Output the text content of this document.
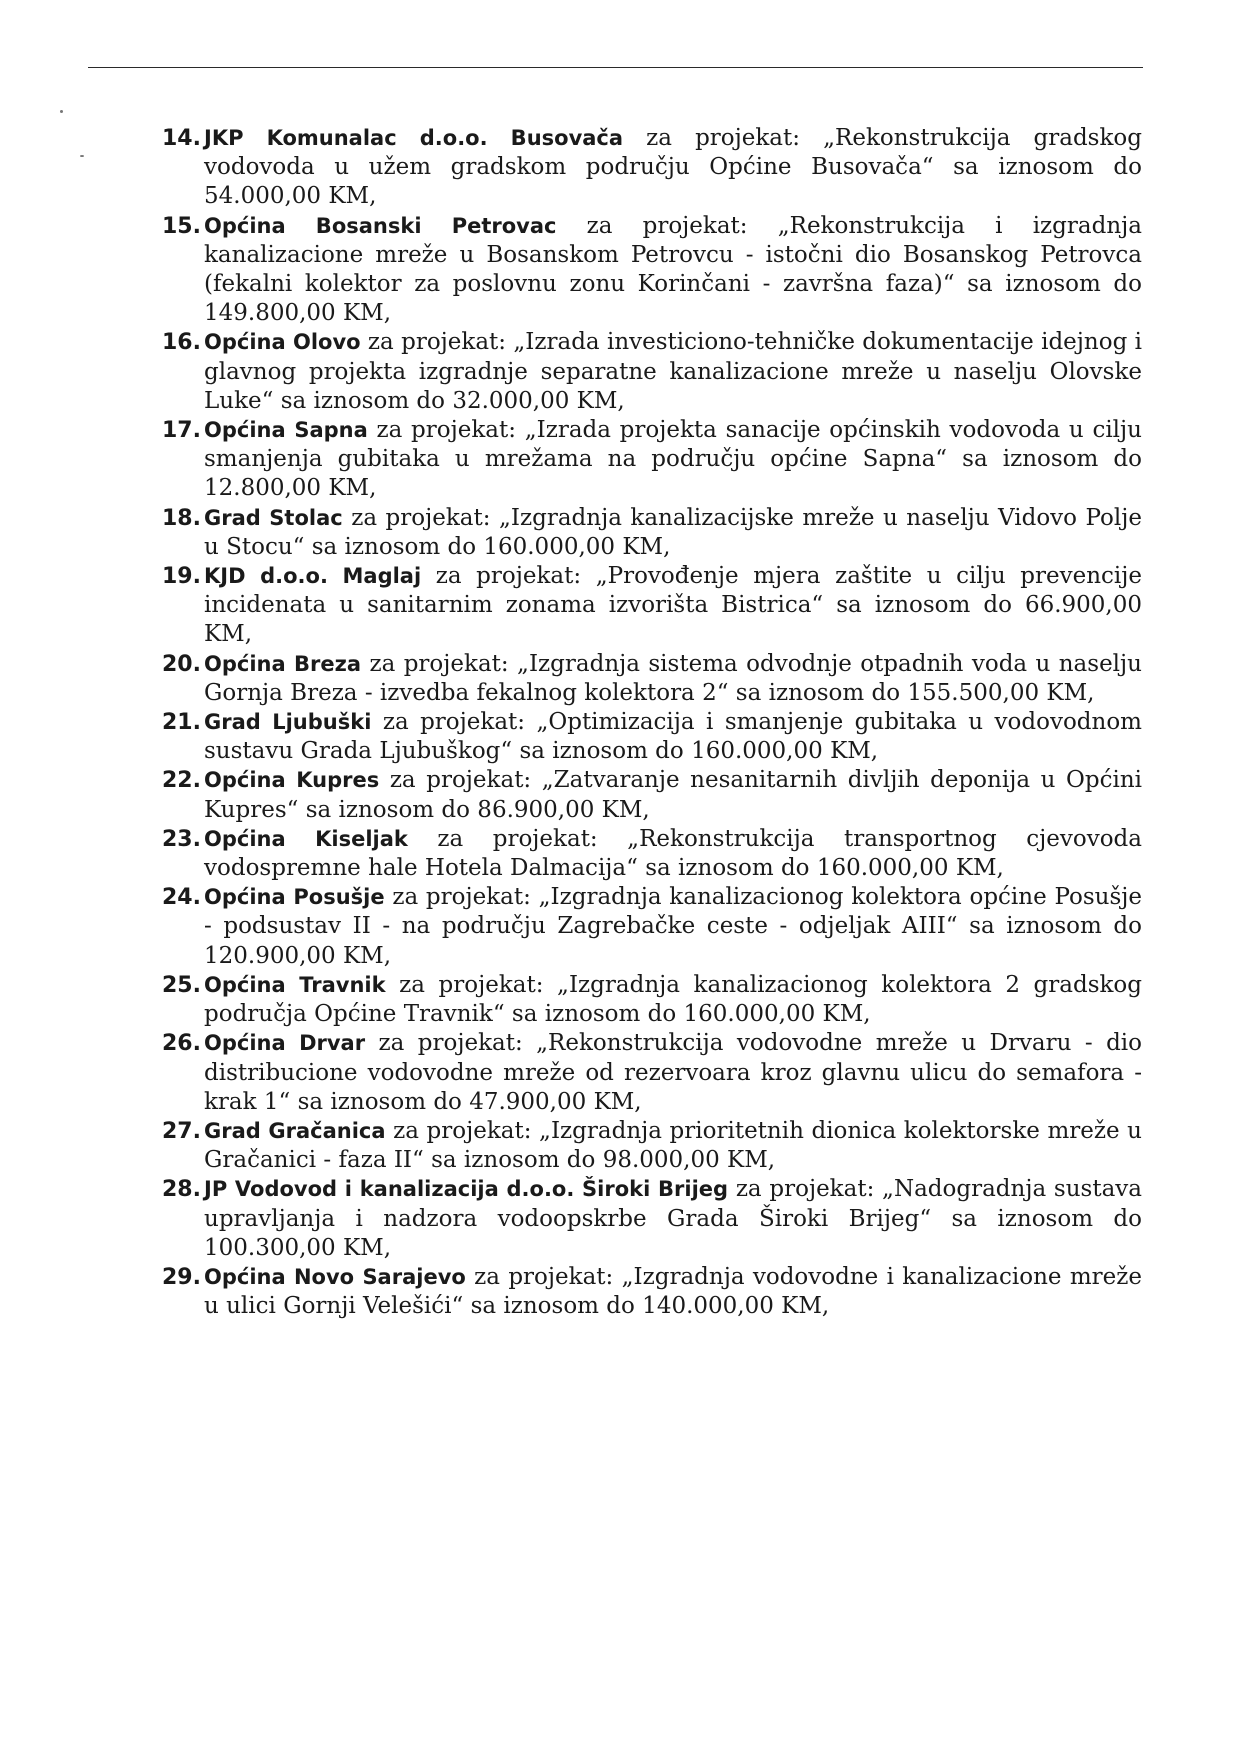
14. JKP Komunalac d.o.o. Busovača za projekat: „Rekonstrukcija gradskog vodovoda u užem gradskom području Općine Busovača“ sa iznosom do 54.000,00 KM,
15. Općina Bosanski Petrovac za projekat: „Rekonstrukcija i izgradnja kanalizacione mreže u Bosanskom Petrovcu - istočni dio Bosanskog Petrovca (fekalni kolektor za poslovnu zonu Korinčani - završna faza)“ sa iznosom do 149.800,00 KM,
16. Općina Olovo za projekat: „Izrada investiciono-tehničke dokumentacije idejnog i glavnog projekta izgradnje separatne kanalizacione mreže u naselju Olovske Luke“ sa iznosom do 32.000,00 KM,
17. Općina Sapna za projekat: „Izrada projekta sanacije općinskih vodovoda u cilju smanjenja gubitaka u mrežama na području općine Sapna“ sa iznosom do 12.800,00 KM,
18. Grad Stolac za projekat: „Izgradnja kanalizacijske mreže u naselju Vidovo Polje u Stocu“ sa iznosom do 160.000,00 KM,
19. KJD d.o.o. Maglaj za projekat: „Provođenje mjera zaštite u cilju prevencije incidenata u sanitarnim zonama izvorišta Bistrica“ sa iznosom do 66.900,00 KM,
20. Općina Breza za projekat: „Izgradnja sistema odvodnje otpadnih voda u naselju Gornja Breza - izvedba fekalnog kolektora 2“ sa iznosom do 155.500,00 KM,
21. Grad Ljubuški za projekat: „Optimizacija i smanjenje gubitaka u vodovodnom sustavu Grada Ljubuškog“ sa iznosom do 160.000,00 KM,
22. Općina Kupres za projekat: „Zatvaranje nesanitarnih divljih deponija u Općini Kupres“ sa iznosom do 86.900,00 KM,
23. Općina Kiseljak za projekat: „Rekonstrukcija transportnog cjevovoda vodospremne hale Hotela Dalmacija“ sa iznosom do 160.000,00 KM,
24. Općina Posušje za projekat: „Izgradnja kanalizacionog kolektora općine Posušje - podsustav II - na području Zagrebačke ceste - odjeljak AIII“ sa iznosom do 120.900,00 KM,
25. Općina Travnik za projekat: „Izgradnja kanalizacionog kolektora 2 gradskog područja Općine Travnik“ sa iznosom do 160.000,00 KM,
26. Općina Drvar za projekat: „Rekonstrukcija vodovodne mreže u Drvaru - dio distribucione vodovodne mreže od rezervoara kroz glavnu ulicu do semafora - krak 1“ sa iznosom do 47.900,00 KM,
27. Grad Gračanica za projekat: „Izgradnja prioritetnih dionica kolektorske mreže u Gračanici - faza II“ sa iznosom do 98.000,00 KM,
28. JP Vodovod i kanalizacija d.o.o. Široki Brijeg za projekat: „Nadogradnja sustava upravljanja i nadzora vodoopskrbe Grada Široki Brijeg“ sa iznosom do 100.300,00 KM,
29. Općina Novo Sarajevo za projekat: „Izgradnja vodovodne i kanalizacione mreže u ulici Gornji Velešići“ sa iznosom do 140.000,00 KM,
